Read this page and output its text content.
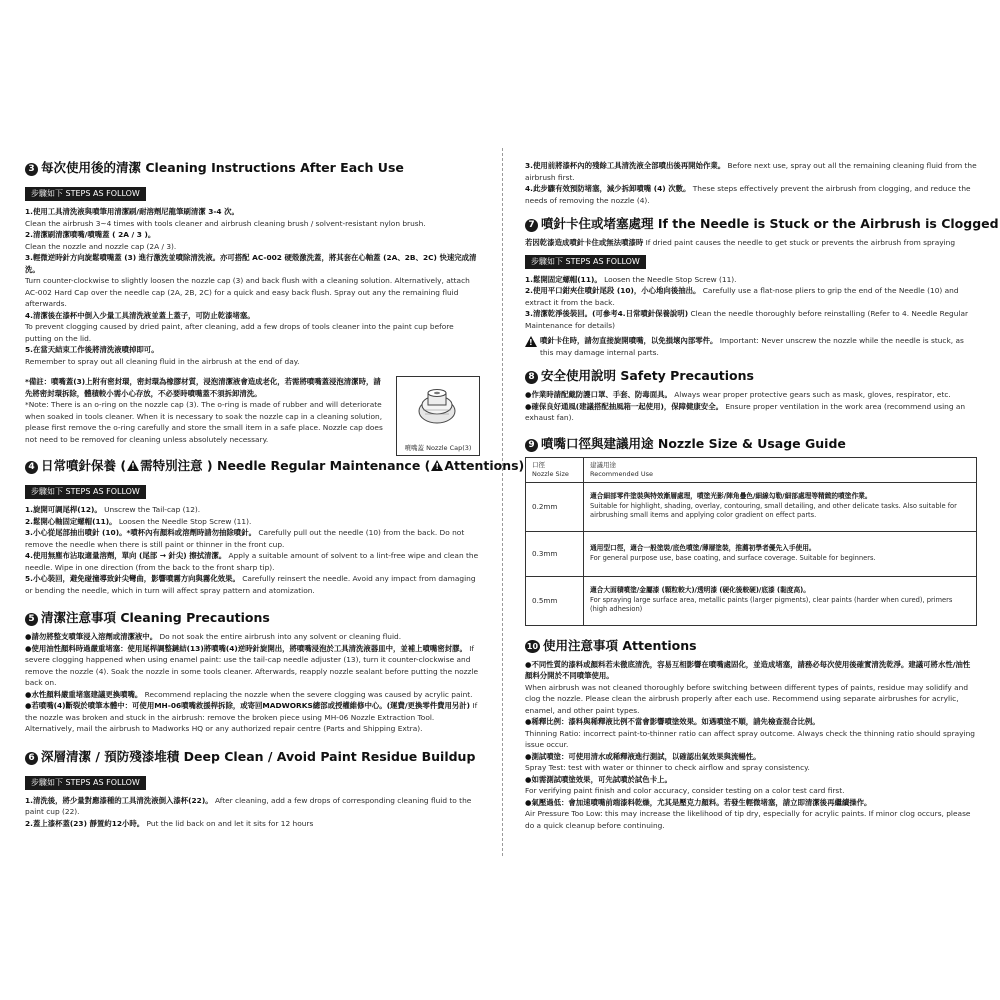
3 每次使用後的清潔 Cleaning Instructions After Each Use
步驟如下 STEPS AS FOLLOW

1.使用工具清洗液與噴筆用清潔刷/耐溶劑尼龍筆刷清潔 3-4 次。

Clean the airbrush 3~4 times with tools cleaner and airbrush cleaning brush / solvent-resistant nylon brush.

2.清潔刷清潔噴嘴/噴嘴蓋 ( 2A / 3 )。

Clean the nozzle and nozzle cap (2A / 3).

3.輕微逆時針方向旋鬆噴嘴蓋 (3) 進行激洗並噴除清洗液。亦可搭配 AC-002 硬殼激洗蓋，將其套在心軸蓋 (2A、2B、2C) 快速完成清洗。

Turn counter-clockwise to slightly loosen the nozzle cap (3) and back flush with a cleaning solution. Alternatively, attach AC-002 Hard Cap over the needle cap (2A, 2B, 2C) for a quick and easy back flush. Spray out any the remaining fluid afterwards.

4.清潔後在漆杯中倒入少量工具清洗液並蓋上蓋子，可防止乾漆堵塞。

To prevent clogging caused by dried paint, after cleaning, add a few drops of tools cleaner into the paint cup before putting on the lid.

5.在當天結束工作後將清洗液噴掉即可。

Remember to spray out all cleaning fluid in the airbrush at the end of day.

*備註：噴嘴蓋(3)上附有密封環，密封環為橡膠材質，浸泡清潔液會造成老化，若需將噴嘴蓋浸泡清潔時，請先將密封環拆除，體積較小需小心存放，不必要時噴嘴蓋不須拆卸清洗。

*Note: There is an o-ring on the nozzle cap (3). The o-ring is made of rubber and will deteriorate when soaked in tools cleaner. When it is necessary to soak the nozzle cap in a cleaning solution, please first remove the o-ring carefully and store the small item in a safe place. Nozzle cap does not need to be removed for cleaning unless absolutely necessary.

噴嘴蓋 Nozzle Cap(3)
4 日常噴針保養 ( ! 需特別注意 ) Needle Regular Maintenance ( ! Attentions)
步驟如下 STEPS AS FOLLOW

1.旋開可調尾桿(12)。 Unscrew the Tail-cap (12).

2.鬆開心軸固定螺帽(11)。 Loosen the Needle Stop Screw (11).

3.小心從尾部抽出噴針 (10)。*噴杯內有顏料或溶劑時請勿抽除噴針。 Carefully pull out the needle (10) from the back. Do not remove the needle when there is still paint or thinner in the front cup.

4.使用無塵布沾取適量溶劑，單向 (尾部 → 針尖) 擦拭清潔。 Apply a suitable amount of solvent to a lint-free wipe and clean the needle. Wipe in one direction (from the back to the front sharp tip).

5.小心裝回，避免碰撞導致針尖彎曲，影響噴霧方向與霧化效果。 Carefully reinsert the needle. Avoid any impact from damaging or bending the needle, which in turn will affect spray pattern and atomization.

5 清潔注意事項 Cleaning Precautions

●請勿將整支噴筆浸入溶劑或清潔液中。 Do not soak the entire airbrush into any solvent or cleaning fluid.

●使用油性顏料時過嚴重堵塞：使用尾桿調整鏈結(13)將噴嘴(4)逆時針旋開出，將噴嘴浸泡於工具清洗液器皿中，並補上噴嘴密封膠。 If severe clogging happened when using enamel paint: use the tail-cap needle adjuster (13), turn it counter-clockwise and remove the nozzle (4). Soak the nozzle in some tools cleaner. Afterwards, reapply nozzle sealant before putting the nozzle back on.

●水性顏料嚴重堵塞建議更換噴嘴。 Recommend replacing the nozzle when the severe clogging was caused by acrylic paint.

●若噴嘴(4)斷裂於噴筆本體中：可使用MH-06噴嘴救援桿拆除，或寄回MADWORKS總部或授權維修中心。(運費/更換零件費用另計) If the nozzle was broken and stuck in the airbrush: remove the broken piece using MH-06 Nozzle Extraction Tool. Alternatively, mail the airbrush to Madworks HQ or any authorized repair centre (Parts and Shipping Extra).

6 深層清潔 / 預防殘漆堆積 Deep Clean / Avoid Paint Residue Buildup
步驟如下 STEPS AS FOLLOW

1.清洗後，將少量對應漆種的工具清洗液倒入漆杯(22)。 After cleaning, add a few drops of corresponding cleaning fluid to the paint cup (22).

2.蓋上漆杯蓋(23) 靜置約12小時。 Put the lid back on and let it sits for 12 hours

3.使用前將漆杯內的殘餘工具清洗液全部噴出後再開始作業。 Before next use, spray out all the remaining cleaning fluid from the airbrush first.

4.此步驟有效預防堵塞，減少拆卸噴嘴 (4) 次數。 These steps effectively prevent the airbrush from clogging, and reduce the needs of removing the nozzle (4).

7 噴針卡住或堵塞處理 If the Needle is Stuck or the Airbrush is Clogged

若因乾漆造成噴針卡住或無法噴漆時 If dried paint causes the needle to get stuck or prevents the airbrush from spraying

步驟如下 STEPS AS FOLLOW

1.鬆開固定螺帽(11)。 Loosen the Needle Stop Screw (11).

2.使用平口鉗夾住噴針尾段 (10)，小心地向後抽出。 Carefully use a flat-nose pliers to grip the end of the Needle (10) and extract it from the back.

3.清潔乾淨後裝回。(可參考4.日常噴針保養說明) Clean the needle thoroughly before reinstalling (Refer to 4. Needle Regular Maintenance for details)

!

噴針卡住時，請勿直接旋開噴嘴，以免損壞內部零件。 Important: Never unscrew the nozzle while the needle is stuck, as this may damage internal parts.

8 安全使用說明 Safety Precautions

●作業時請配戴防護口罩、手套、防毒面具。 Always wear proper protective gears such as mask, gloves, respirator, etc.

●確保良好通風(建議搭配抽風箱一起使用)，保障健康安全。 Ensure proper ventilation in the work area (recommend using an exhaust fan).

9 噴嘴口徑與建議用途 Nozzle Size & Usage Guide
口徑
Nozzle Size	建議用途
Recommended Use
0.2mm	適合細部零件塗裝與特效漸層處理，噴塗光影/陣角疊色/細線勾勒/細部處理等精緻的噴塗作業。
Suitable for highlight, shading, overlay, contouring, small detailing, and other delicate tasks. Also suitable for airbrushing small items and applying color gradient on effect parts.
0.3mm	通用型口徑，適合一般塗裝/底色噴塗/薄層塗裝，推薦初學者優先入手使用。
For general purpose use, base coating, and surface coverage. Suitable for beginners.
0.5mm	適合大面積噴塗/金屬漆 (顆粒較大)/透明漆 (硬化後較硬)/底漆 (黏度高)。
For spraying large surface area, metallic paints (larger pigments), clear paints (harder when cured), primers (high adhesion)
10 使用注意事項 Attentions

●不同性質的漆料或顏料若未徹底清洗，容易互相影響在噴嘴處固化，並造成堵塞，請務必每次使用後確實清洗乾淨。建議可將水性/油性顏料分開於不同噴筆使用。

When airbrush was not cleaned thoroughly before switching between different types of paints, residue may solidify and clog the nozzle. Please clean the airbrush properly after each use. Recommend using separate airbrushes for acrylic, enamel, and other paint types.

●稀釋比例：漆料與稀釋液比例不當會影響噴塗效果。如遇噴塗不順，請先檢查混合比例。

Thinning Ratio: incorrect paint-to-thinner ratio can affect spray outcome. Always check the thinning ratio should spraying issue occur.

●測試噴塗：可使用清水或稀釋液進行測試，以確認出氣效果與流暢性。

Spray Test: test with water or thinner to check airflow and spray consistency.

●如需測試噴塗效果，可先試噴於試色卡上。

For verifying paint finish and color accuracy, consider testing on a color test card first.

●氣壓過低：會加速噴嘴前端漆料乾燥，尤其是壓克力顏料。若發生輕微堵塞，請立即清潔後再繼續操作。

Air Pressure Too Low: this may increase the likelihood of tip dry, especially for acrylic paints. If minor clog occurs, please do a quick cleanup before continuing.
